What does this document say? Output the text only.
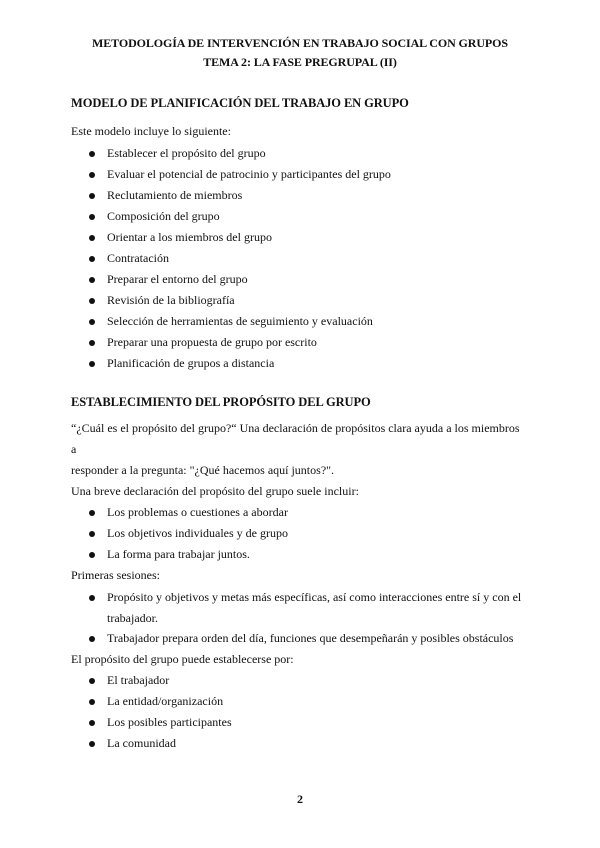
METODOLOGÍA DE INTERVENCIÓN EN TRABAJO SOCIAL CON GRUPOS
TEMA 2: LA FASE PREGRUPAL (II)
MODELO DE PLANIFICACIÓN DEL TRABAJO EN GRUPO
Este modelo incluye lo siguiente:
Establecer el propósito del grupo
Evaluar el potencial de patrocinio y participantes del grupo
Reclutamiento de miembros
Composición del grupo
Orientar a los miembros del grupo
Contratación
Preparar el entorno del grupo
Revisión de la bibliografía
Selección de herramientas de seguimiento y evaluación
Preparar una propuesta de grupo por escrito
Planificación de grupos a distancia
ESTABLECIMIENTO DEL PROPÓSITO DEL GRUPO
“¿Cuál es el propósito del grupo?“ Una declaración de propósitos clara ayuda a los miembros
a
responder a la pregunta: "¿Qué hacemos aquí juntos?".
Una breve declaración del propósito del grupo suele incluir:
Los problemas o cuestiones a abordar
Los objetivos individuales y de grupo
La forma para trabajar juntos.
Primeras sesiones:
Propósito y objetivos y metas más específicas, así como interacciones entre sí y con el trabajador.
Trabajador prepara orden del día, funciones que desempeñarán y posibles obstáculos
El propósito del grupo puede establecerse por:
El trabajador
La entidad/organización
Los posibles participantes
La comunidad
2
